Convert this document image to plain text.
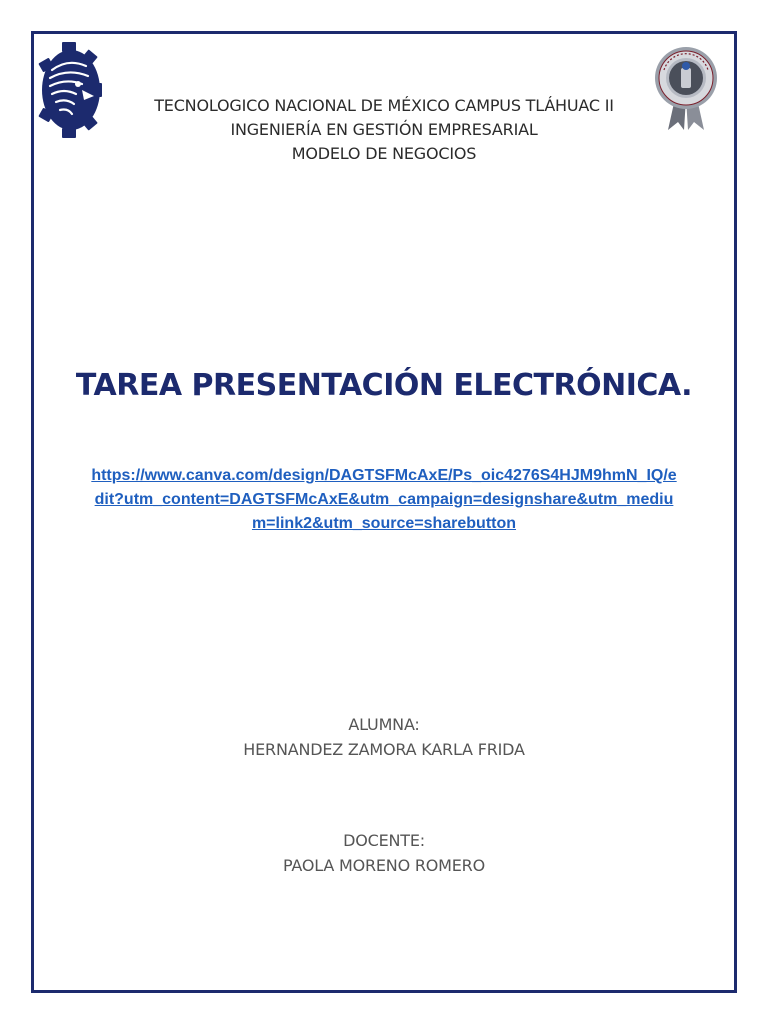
TECNOLOGICO NACIONAL DE MÉXICO CAMPUS TLÁHUAC II
INGENIERÍA EN GESTIÓN EMPRESARIAL
MODELO DE NEGOCIOS
TAREA PRESENTACIÓN ELECTRÓNICA.
https://www.canva.com/design/DAGTSFMcAxE/Ps_oic4276S4HJM9hmN_IQ/edit?utm_content=DAGTSFMcAxE&utm_campaign=designshare&utm_medium=link2&utm_source=sharebutton
ALUMNA:
HERNANDEZ ZAMORA KARLA FRIDA
DOCENTE:
PAOLA MORENO ROMERO
